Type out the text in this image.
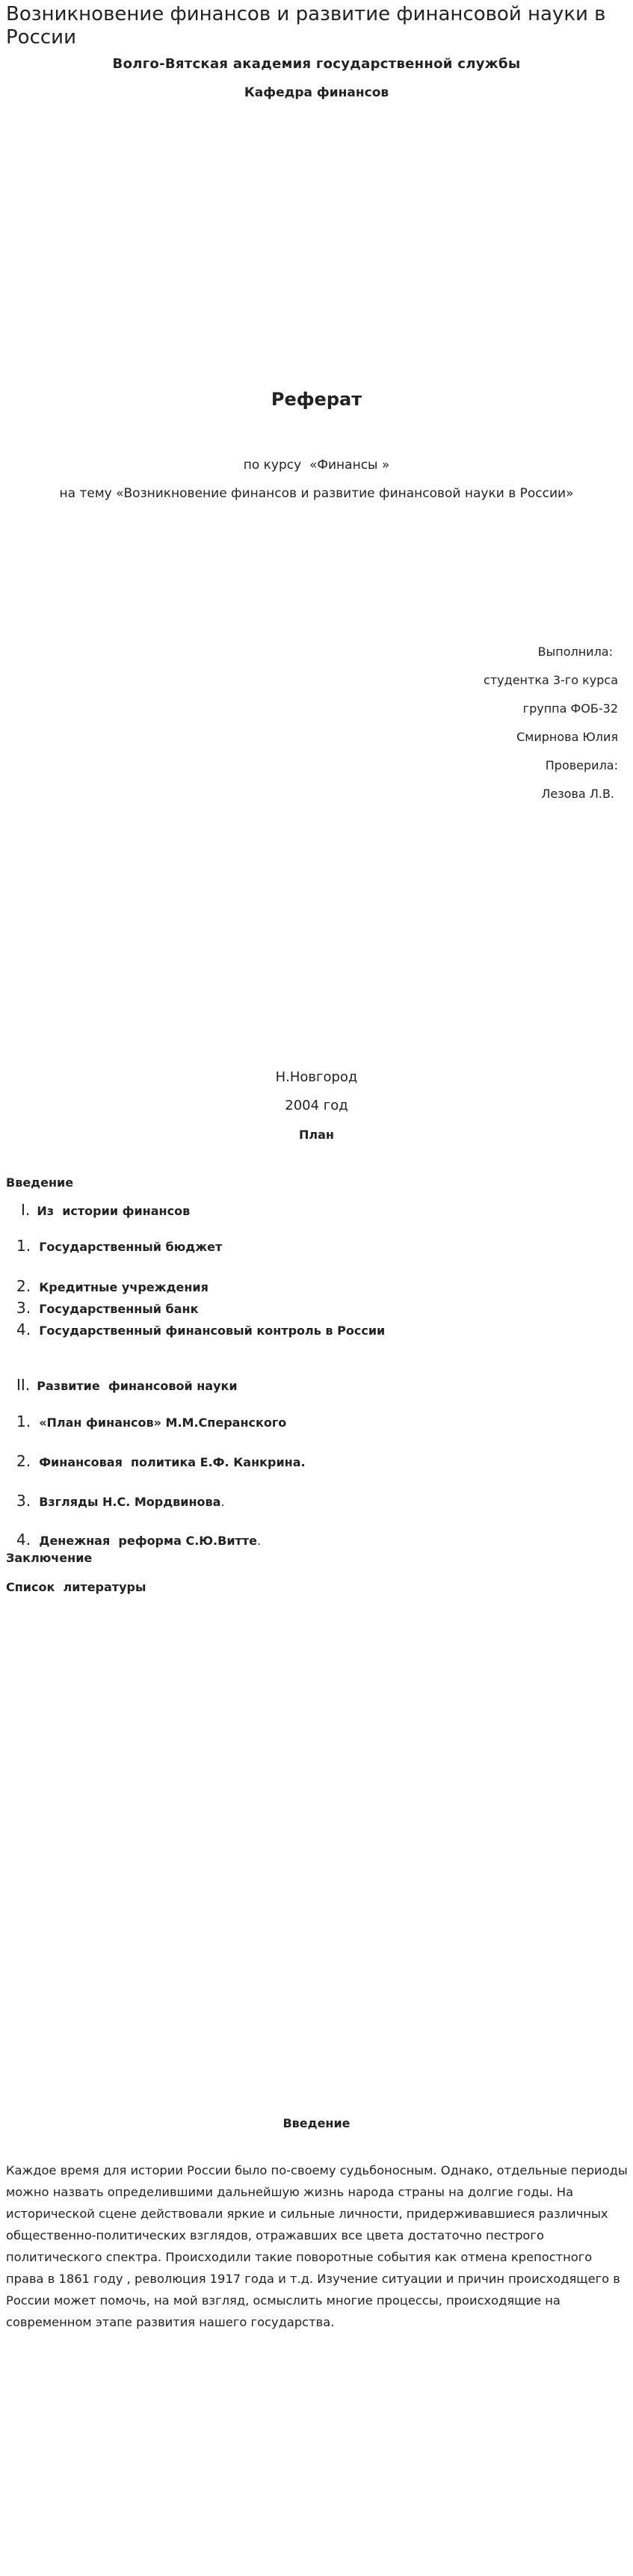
Возникновение финансов и развитие финансовой науки в России
Волго-Вятская академия государственной службы
Кафедра финансов
Реферат
по курсу  «Финансы »
на тему «Возникновение финансов и развитие финансовой науки в России»
Выполнила:
студентка 3-го курса
группа ФОБ-32
Смирнова Юлия
Проверила:
Лезова Л.В.
Н.Новгород
2004 год
План
Введение
I. Из  истории финансов
1. Государственный бюджет
2. Кредитные учреждения
3. Государственный банк
4. Государственный финансовый контроль в России
II. Развитие  финансовой науки
1. «План финансов» М.М.Сперанского
2. Финансовая  политика Е.Ф. Канкрина.
3. Взгляды Н.С. Мордвинова.
4. Денежная  реформа С.Ю.Витте.
Заключение
Список  литературы
Введение

Каждое время для истории России было по-своему судьбоносным. Однако, отдельные периоды можно назвать определившими дальнейшую жизнь народа страны на долгие годы. На исторической сцене действовали яркие и сильные личности, придерживавшиеся различных общественно-политических взглядов, отражавших все цвета достаточно пестрого политического спектра. Происходили такие поворотные события как отмена крепостного права в 1861 году , революция 1917 года и т.д. Изучение ситуации и причин происходящего в России может помочь, на мой взгляд, осмыслить многие процессы, происходящие на современном этапе развития нашего государства.
